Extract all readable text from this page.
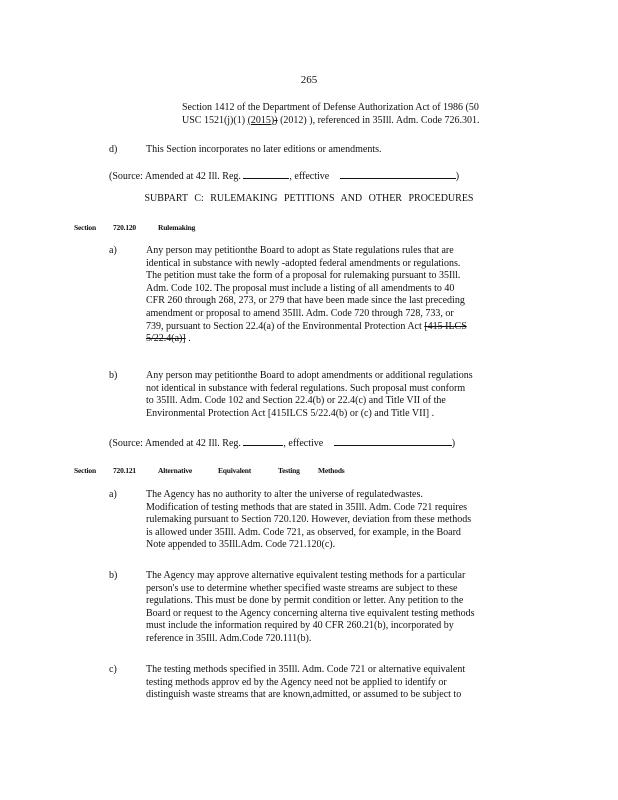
265
Section 1412 of the Department of Defense Authorization Act of 1986 (50
USC 1521(j)(1) (2015)) (2012) ), referenced in 35Ill. Adm. Code 726.301.
d)	This Section incorporates no later editions or amendments.
(Source: Amended at 42 Ill. Reg.	, effective	)
SUBPART C: RULEMAKING PETITIONS AND OTHER PROCEDURES
Section 720.120	Rulemaking
a)	Any person may petitionthe Board to adopt as State regulations rules that are
identical in substance with newly -adopted federal amendments or regulations.
The petition must take the form of a proposal for rulemaking pursuant to 35Ill.
Adm. Code 102. The proposal must include a listing of all amendments to 40
CFR 260 through 268, 273, or 279 that have been made since the last preceding
amendment or proposal to amend 35Ill. Adm. Code 720 through 728, 733, or
739, pursuant to Section 22.4(a) of the Environmental Protection Act [415 ILCS
5/22.4(a)] .
b)	Any person may petitionthe Board to adopt amendments or additional regulations
not identical in substance with federal regulations. Such proposal must conform
to 35Ill. Adm. Code 102 and Section 22.4(b) or 22.4(c) and Title VII of the
Environmental Protection Act [415ILCS 5/22.4(b) or (c) and Title VII] .
(Source: Amended at 42 Ill. Reg.	, effective	)
Section 720.121	Alternative	Equivalent	Testing Methods
a)	The Agency has no authority to alter the universe of regulatedwastes.
Modification of testing methods that are stated in 35Ill. Adm. Code 721 requires
rulemaking pursuant to Section 720.120. However, deviation from these methods
is allowed under 35Ill. Adm. Code 721, as observed, for example, in the Board
Note appended to 35Ill.Adm. Code 721.120(c).
b)	The Agency may approve alternative equivalent testing methods for a particular
person's use to determine whether specified waste streams are subject to these
regulations. This must be done by permit condition or letter. Any petition to the
Board or request to the Agency concerning alterna tive equivalent testing methods
must include the information required by 40 CFR 260.21(b), incorporated by
reference in 35Ill. Adm.Code 720.111(b).
c)	The testing methods specified in 35Ill. Adm. Code 721 or alternative equivalent
testing methods approv ed by the Agency need not be applied to identify or
distinguish waste streams that are known,admitted, or assumed to be subject to
